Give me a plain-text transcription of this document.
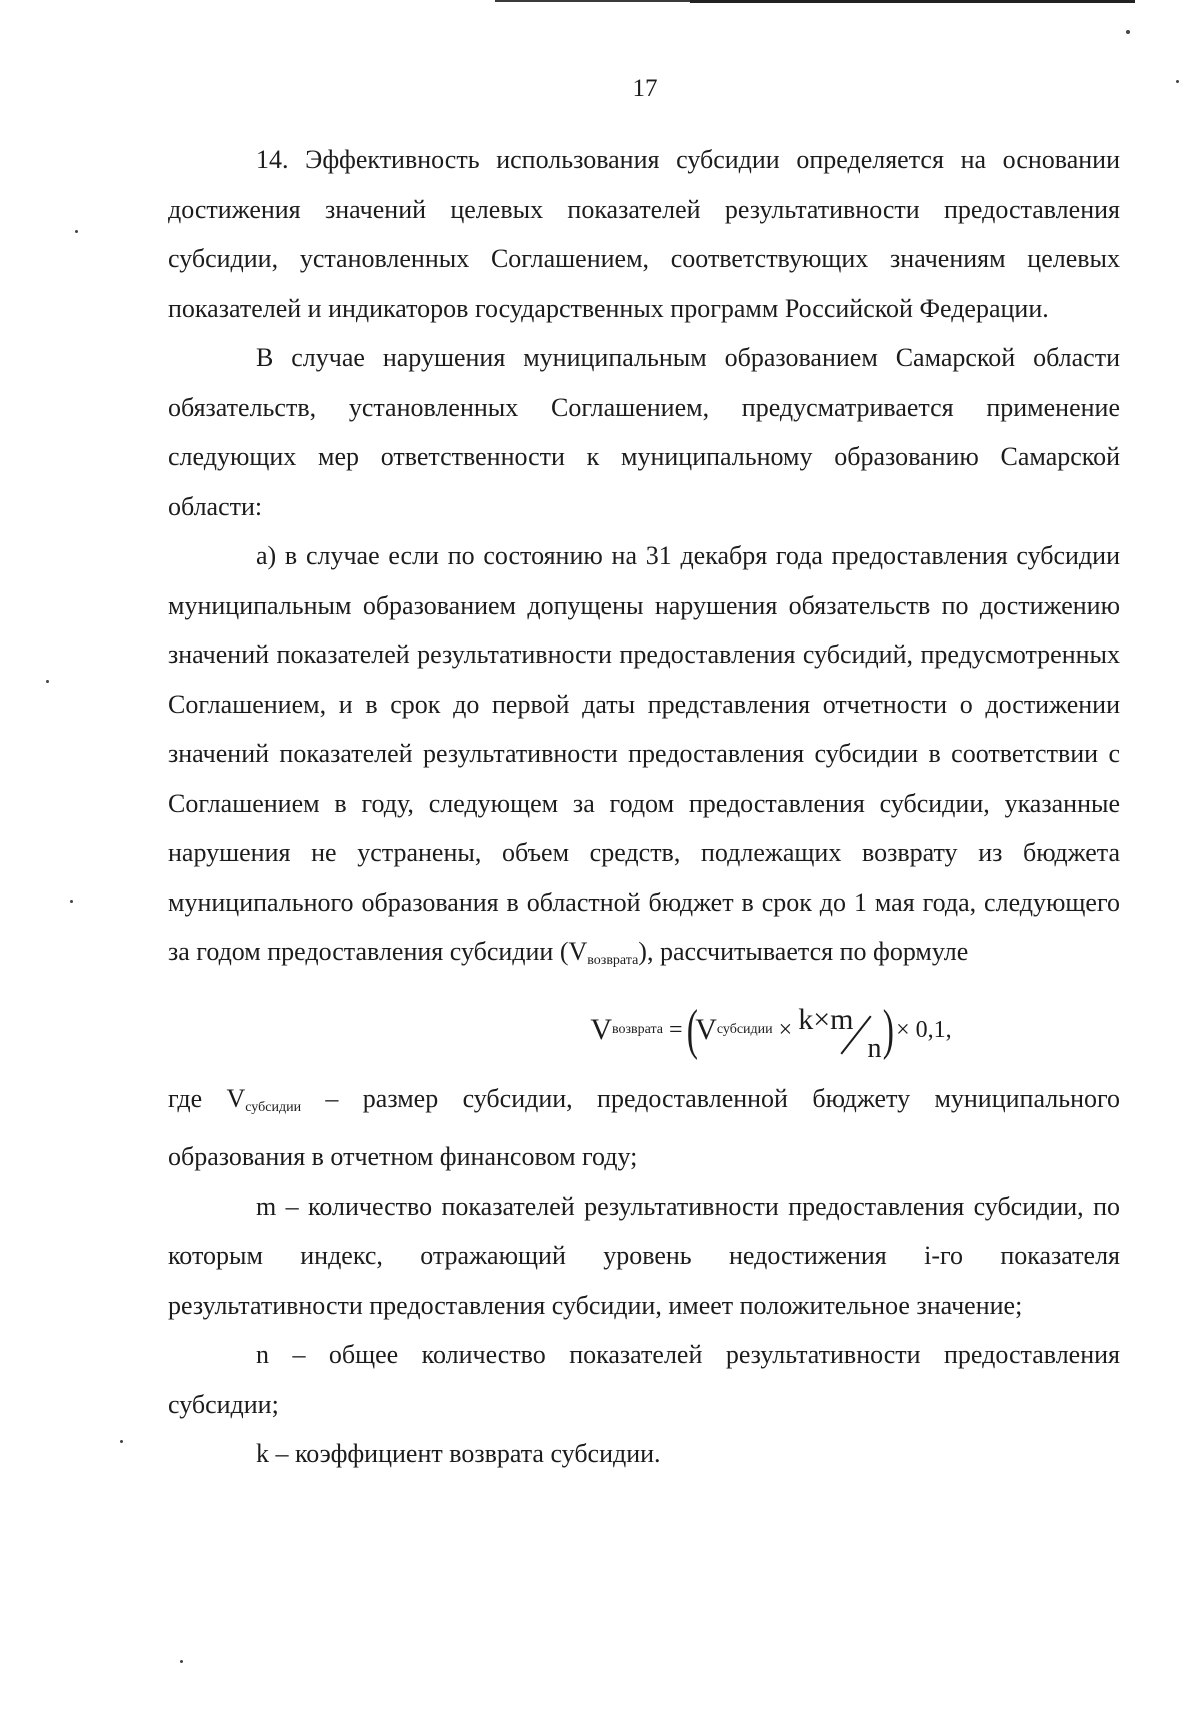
17

14. Эффективность использования субсидии определяется на основании достижения значений целевых показателей результативности предоставления субсидии, установленных Соглашением, соответствующих значениям целевых показателей и индикаторов государственных программ Российской Федерации.

В случае нарушения муниципальным образованием Самарской области обязательств, установленных Соглашением, предусматривается применение следующих мер ответственности к муниципальному образованию Самарской области:

а) в случае если по состоянию на 31 декабря года предоставления субсидии муниципальным образованием допущены нарушения обязательств по достижению значений показателей результативности предоставления субсидий, предусмотренных Соглашением, и в срок до первой даты представления отчетности о достижении значений показателей результативности предоставления субсидии в соответствии с Соглашением в году, следующем за годом предоставления субсидии, указанные нарушения не устранены, объем средств, подлежащих возврату из бюджета муниципального образования в областной бюджет в срок до 1 мая года, следующего за годом предоставления субсидии (Vвозврата), рассчитывается по формуле

V возврата = (
V субсидии × k×m
n ) × 0,1,

где Vсубсидии – размер субсидии, предоставленной бюджету муниципального образования в отчетном финансовом году;

m – количество показателей результативности предоставления субсидии, по которым индекс, отражающий уровень недостижения i-го показателя результативности предоставления субсидии, имеет положительное значение;

n – общее количество показателей результативности предоставления субсидии;

k – коэффициент возврата субсидии.
